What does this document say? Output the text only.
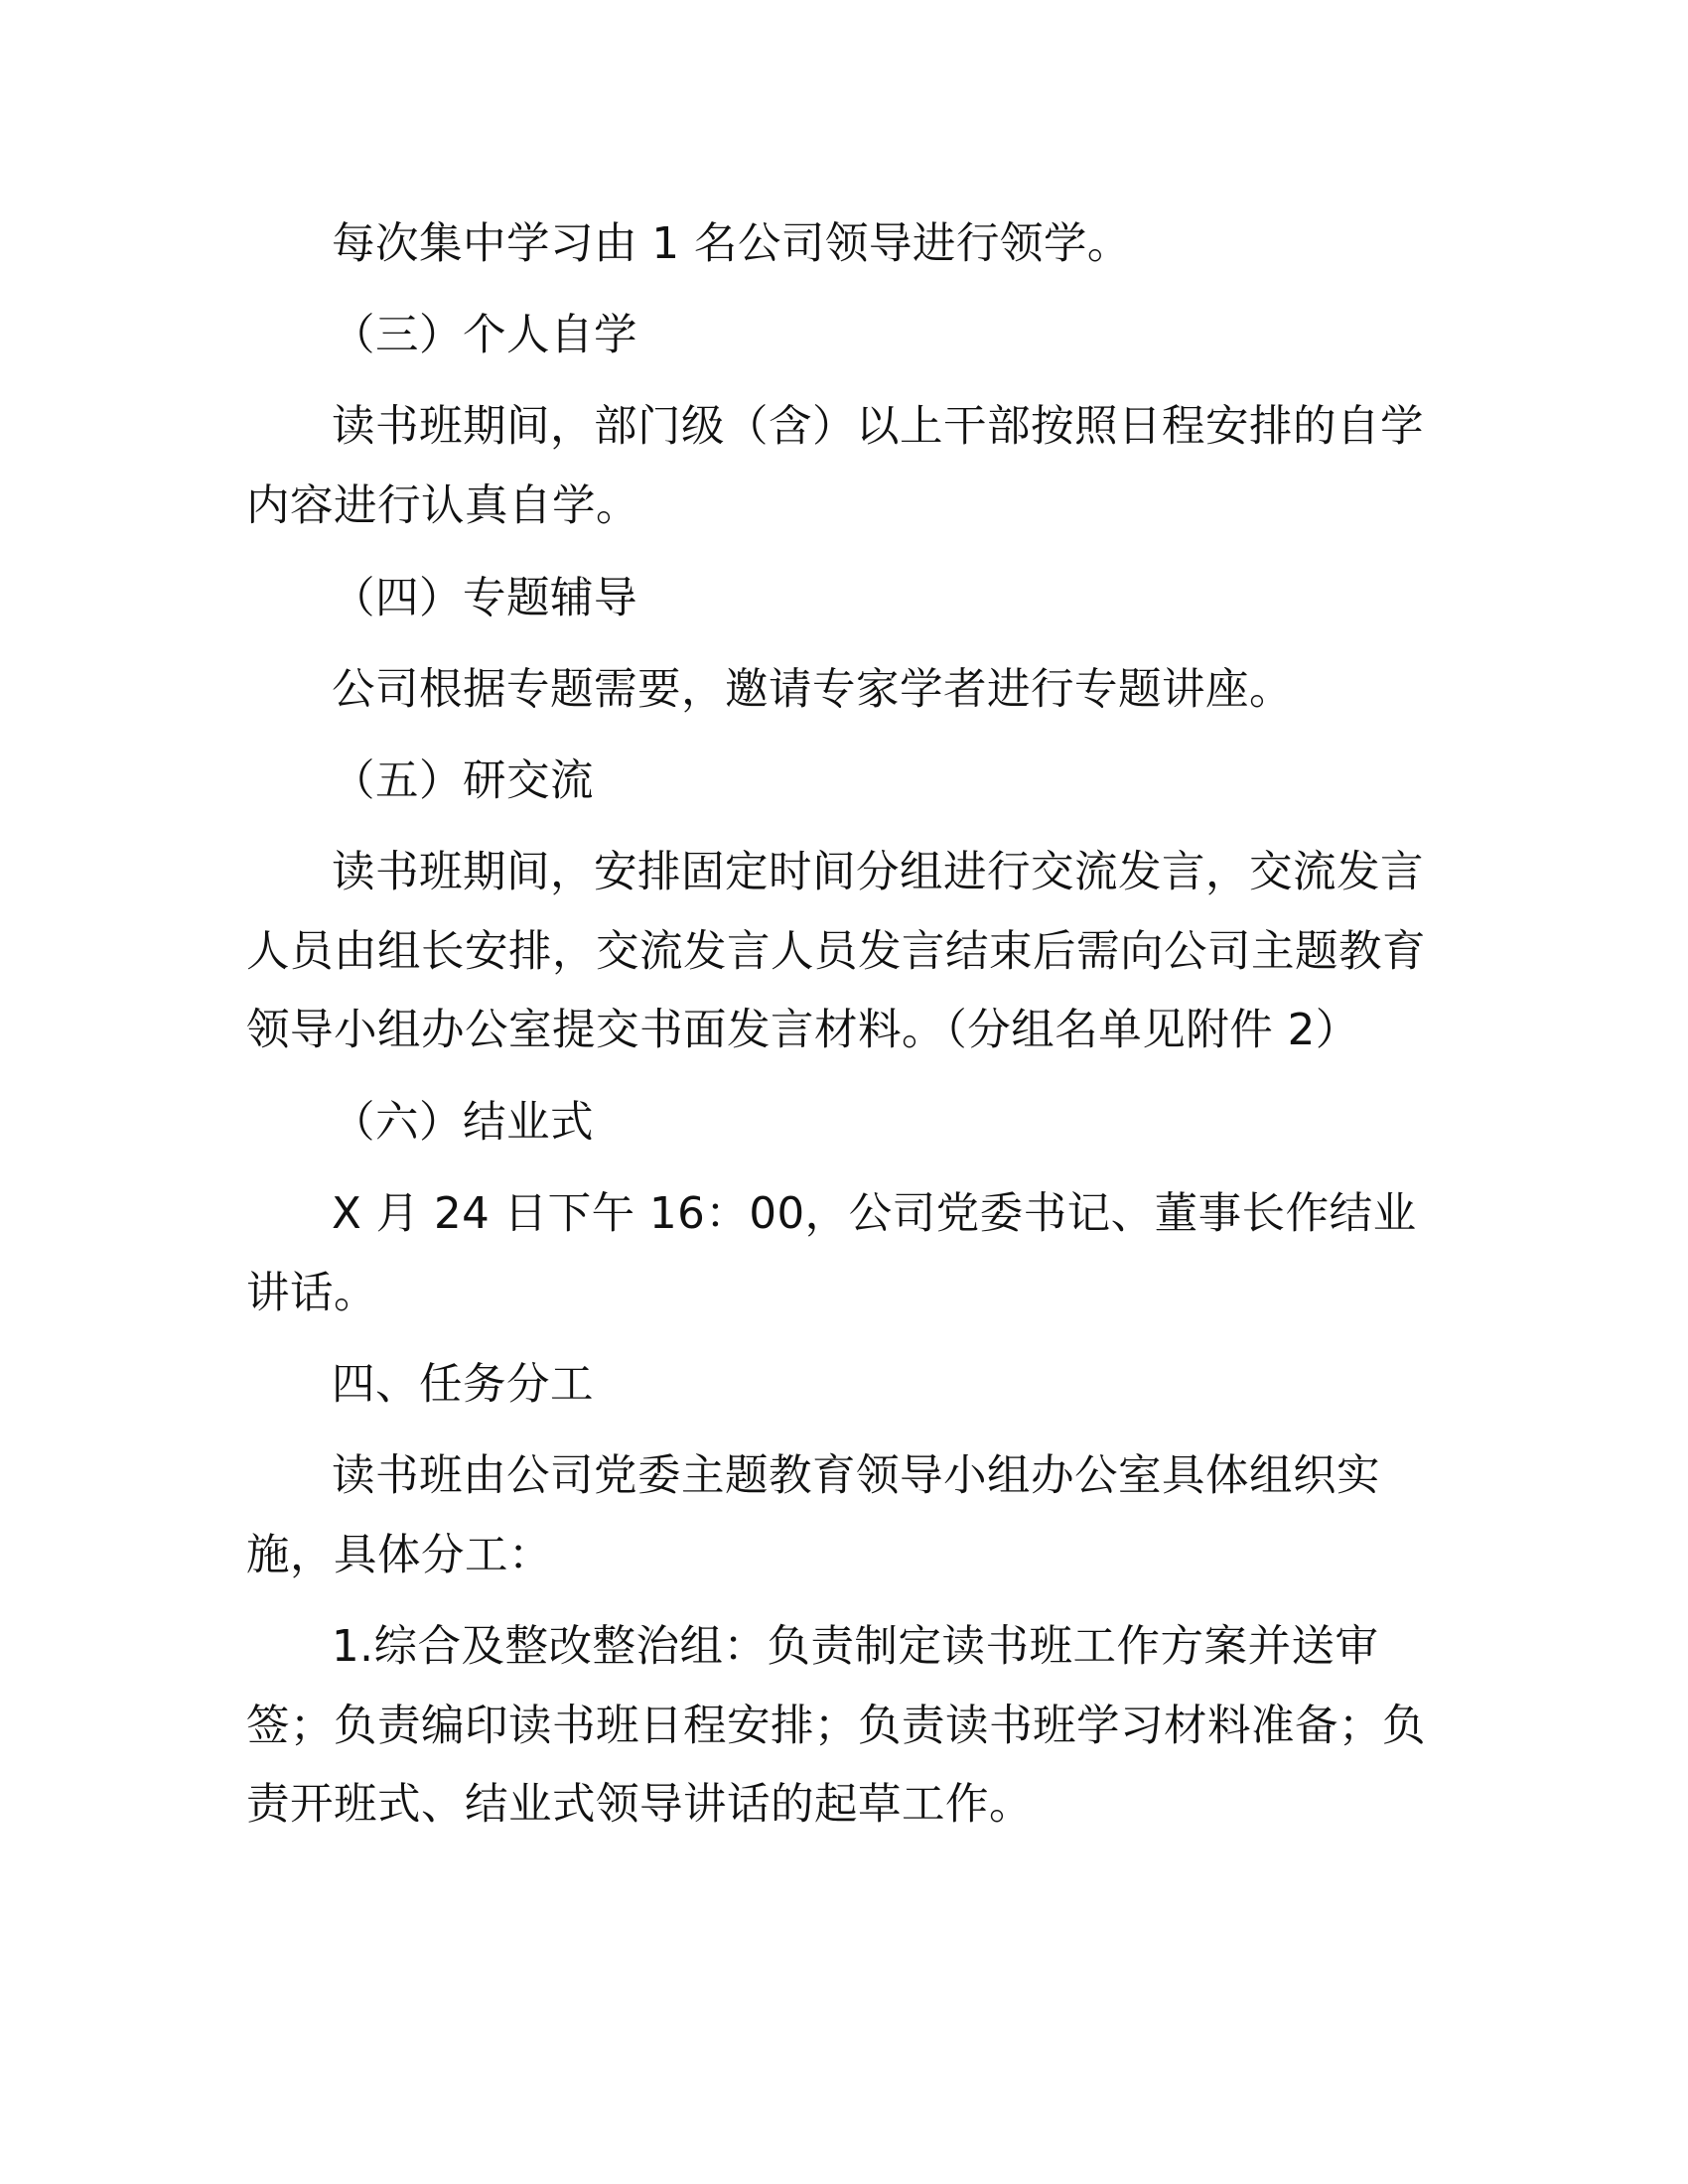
每次集中学习由 1 名公司领导进行领学。
（三）个人自学
读书班期间，部门级（含）以上干部按照日程安排的自学
内容进行认真自学。
（四）专题辅导
公司根据专题需要，邀请专家学者进行专题讲座。
（五）研交流
读书班期间，安排固定时间分组进行交流发言，交流发言
人员由组长安排，交流发言人员发言结束后需向公司主题教育
领导小组办公室提交书面发言材料。（分组名单见附件 2）
（六）结业式
X 月 24 日下午 16：00，公司党委书记、董事长作结业
讲话。
四、任务分工
读书班由公司党委主题教育领导小组办公室具体组织实
施，具体分工：
1.综合及整改整治组：负责制定读书班工作方案并送审
签；负责编印读书班日程安排；负责读书班学习材料准备；负
责开班式、结业式领导讲话的起草工作。
